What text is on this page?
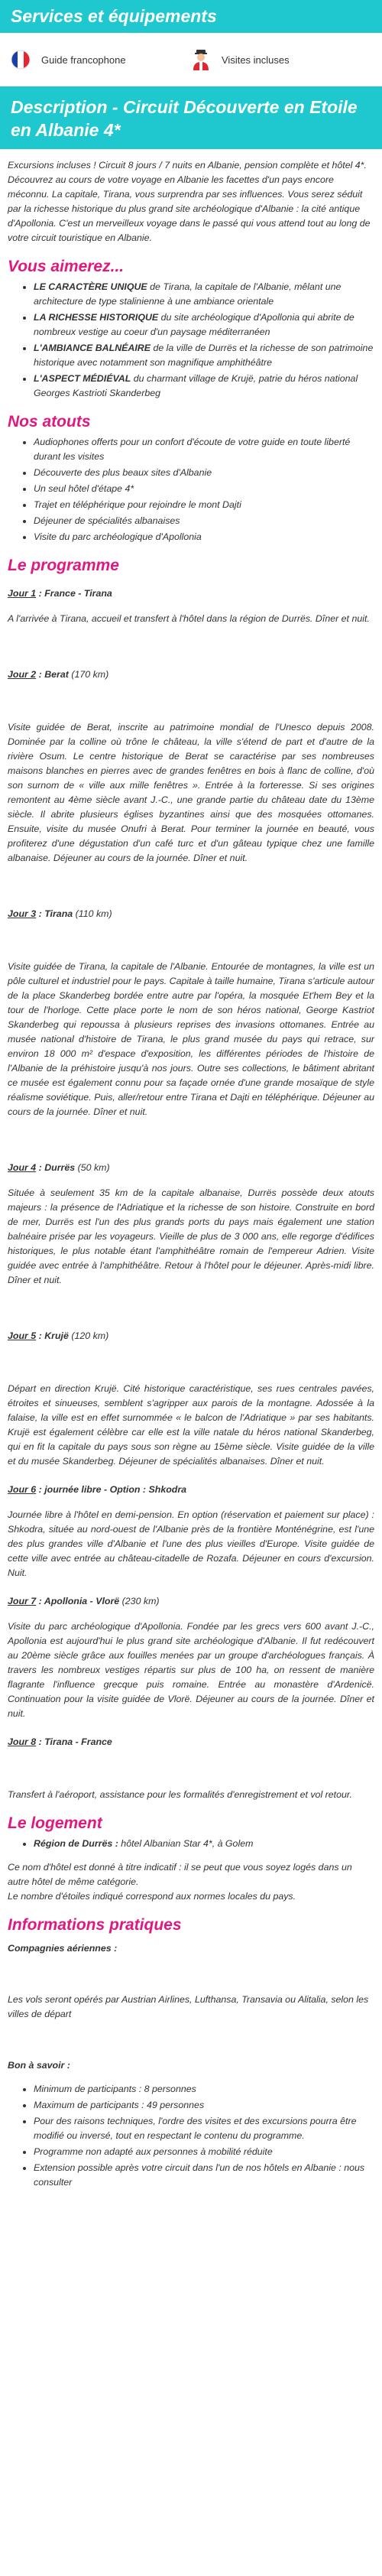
Services et équipements
Guide francophone	Visites incluses
Description - Circuit Découverte en Etoile en Albanie 4*

Excursions incluses ! Circuit 8 jours / 7 nuits en Albanie, pension complète et hôtel 4*. Découvrez au cours de votre voyage en Albanie les facettes d'un pays encore méconnu. La capitale, Tirana, vous surprendra par ses influences. Vous serez séduit par la richesse historique du plus grand site archéologique d'Albanie : la cité antique d'Apollonia. C'est un merveilleux voyage dans le passé qui vous attend tout au long de votre circuit touristique en Albanie.

Vous aimerez...
• LE CARACTÈRE UNIQUE de Tirana, la capitale de l'Albanie, mêlant une architecture de type stalinienne à une ambiance orientale
• LA RICHESSE HISTORIQUE du site archéologique d'Apollonia qui abrite de nombreux vestige au coeur d'un paysage méditerranéen
• L'AMBIANCE BALNÉAIRE de la ville de Durrës et la richesse de son patrimoine historique avec notamment son magnifique amphithéâtre
• L'ASPECT MÉDIÉVAL du charmant village de Krujë, patrie du héros national Georges Kastrioti Skanderbeg
Nos atouts
• Audiophones offerts pour un confort d'écoute de votre guide en toute liberté durant les visites
• Découverte des plus beaux sites d'Albanie
• Un seul hôtel d'étape 4*
• Trajet en téléphérique pour rejoindre le mont Dajti
• Déjeuner de spécialités albanaises
• Visite du parc archéologique d'Apollonia
Le programme
Jour 1 : France - Tirana

A l'arrivée à Tirana, accueil et transfert à l'hôtel dans la région de Durrës. Dîner et nuit.

Jour 2 : Berat (170 km)

Visite guidée de Berat, inscrite au patrimoine mondial de l'Unesco depuis 2008. Dominée par la colline où trône le château, la ville s'étend de part et d'autre de la rivière Osum. Le centre historique de Berat se caractérise par ses nombreuses maisons blanches en pierres avec de grandes fenêtres en bois à flanc de colline, d'où son surnom de « ville aux mille fenêtres ». Entrée à la forteresse. Si ses origines remontent au 4ème siècle avant J.-C., une grande partie du château date du 13ème siècle. Il abrite plusieurs églises byzantines ainsi que des mosquées ottomanes. Ensuite, visite du musée Onufri à Berat. Pour terminer la journée en beauté, vous profiterez d'une dégustation d'un café turc et d'un gâteau typique chez une famille albanaise. Déjeuner au cours de la journée. Dîner et nuit.

Jour 3 : Tirana (110 km)

Visite guidée de Tirana, la capitale de l'Albanie. Entourée de montagnes, la ville est un pôle culturel et industriel pour le pays. Capitale à taille humaine, Tirana s'articule autour de la place Skanderbeg bordée entre autre par l'opéra, la mosquée Et'hem Bey et la tour de l'horloge. Cette place porte le nom de son héros national, George Kastriot Skanderbeg qui repoussa à plusieurs reprises des invasions ottomanes. Entrée au musée national d'histoire de Tirana, le plus grand musée du pays qui retrace, sur environ 18 000 m² d'espace d'exposition, les différentes périodes de l'histoire de l'Albanie de la préhistoire jusqu'à nos jours. Outre ses collections, le bâtiment abritant ce musée est également connu pour sa façade ornée d'une grande mosaïque de style réalisme soviétique. Puis, aller/retour entre Tirana et Dajti en téléphérique. Déjeuner au cours de la journée. Dîner et nuit.

Jour 4 : Durrës (50 km)

Située à seulement 35 km de la capitale albanaise, Durrës possède deux atouts majeurs : la présence de l'Adriatique et la richesse de son histoire. Construite en bord de mer, Durrës est l'un des plus grands ports du pays mais également une station balnéaire prisée par les voyageurs. Vieille de plus de 3 000 ans, elle regorge d'édifices historiques, le plus notable étant l'amphithéâtre romain de l'empereur Adrien. Visite guidée avec entrée à l'amphithéâtre. Retour à l'hôtel pour le déjeuner. Après-midi libre. Dîner et nuit.

Jour 5 : Krujë (120 km)

Départ en direction Krujë. Cité historique caractéristique, ses rues centrales pavées, étroites et sinueuses, semblent s'agripper aux parois de la montagne. Adossée à la falaise, la ville est en effet surnommée « le balcon de l'Adriatique » par ses habitants. Krujë est également célèbre car elle est la ville natale du héros national Skanderbeg, qui en fit la capitale du pays sous son règne au 15ème siècle. Visite guidée de la ville et du musée Skanderbeg. Déjeuner de spécialités albanaises. Dîner et nuit.

Jour 6 : journée libre - Option : Shkodra

Journée libre à l'hôtel en demi-pension. En option (réservation et paiement sur place) : Shkodra, située au nord-ouest de l'Albanie près de la frontière Monténégrine, est l'une des plus grandes ville d'Albanie et l'une des plus vieilles d'Europe. Visite guidée de cette ville avec entrée au château-citadelle de Rozafa. Déjeuner en cours d'excursion. Nuit.

Jour 7 : Apollonia - Vlorë (230 km)

Visite du parc archéologique d'Apollonia. Fondée par les grecs vers 600 avant J.-C., Apollonia est aujourd'hui le plus grand site archéologique d'Albanie. Il fut redécouvert au 20ème siècle grâce aux fouilles menées par un groupe d'archéologues français. À travers les nombreux vestiges répartis sur plus de 100 ha, on ressent de manière flagrante l'influence grecque puis romaine. Entrée au monastère d'Ardenicë. Continuation pour la visite guidée de Vlorë. Déjeuner au cours de la journée. Dîner et nuit.

Jour 8 : Tirana - France

Transfert à l'aéroport, assistance pour les formalités d'enregistrement et vol retour.

Le logement
• Région de Durrës : hôtel Albanian Star 4*, à Golem

Ce nom d'hôtel est donné à titre indicatif : il se peut que vous soyez logés dans un autre hôtel de même catégorie.
Le nombre d'étoiles indiqué correspond aux normes locales du pays.

Informations pratiques
Compagnies aériennes :

Les vols seront opérés par Austrian Airlines, Lufthansa, Transavia ou Alitalia, selon les villes de départ

Bon à savoir :
• Minimum de participants : 8 personnes
• Maximum de participants : 49 personnes
• Pour des raisons techniques, l'ordre des visites et des excursions pourra être modifié ou inversé, tout en respectant le contenu du programme.
• Programme non adapté aux personnes à mobilité réduite
• Extension possible après votre circuit dans l'un de nos hôtels en Albanie : nous consulter
